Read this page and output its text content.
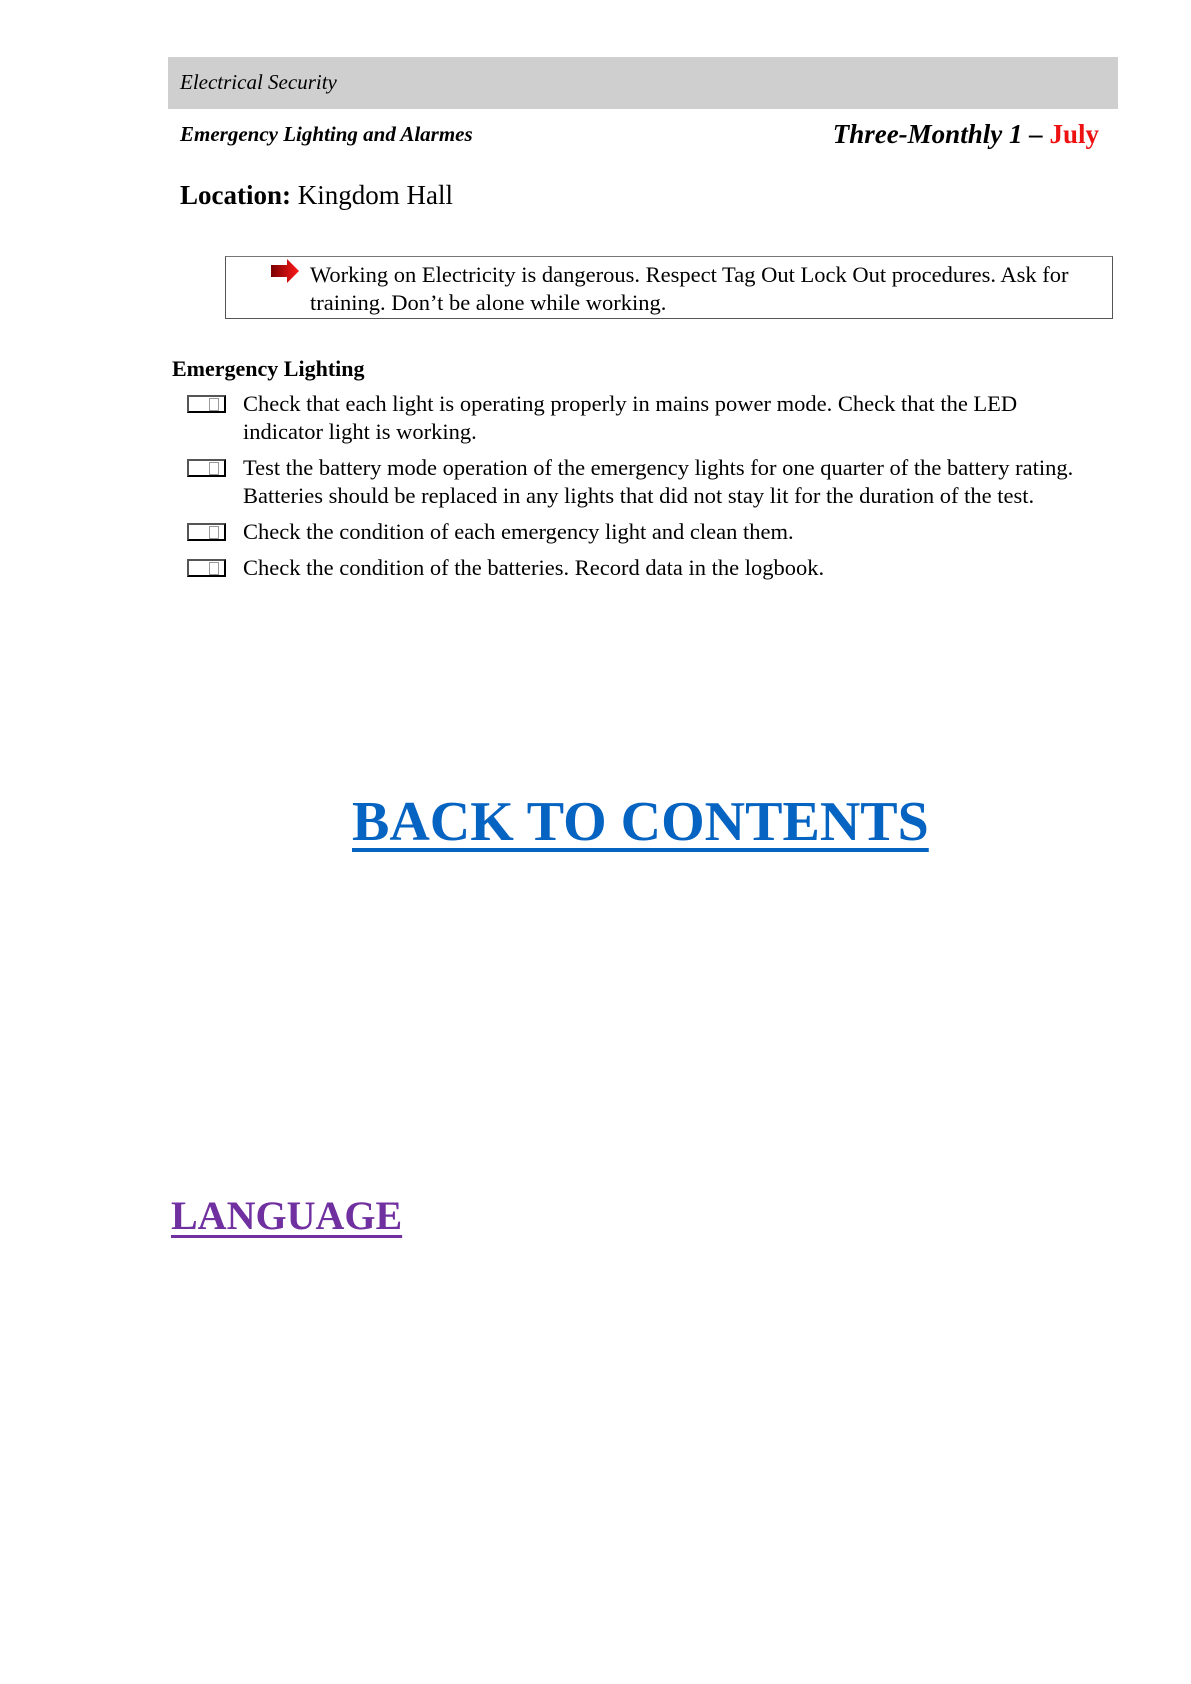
Electrical Security
Emergency Lighting and Alarmes	Three-Monthly 1 – July
Location: Kingdom Hall
Working on Electricity is dangerous. Respect Tag Out Lock Out procedures. Ask for training. Don’t be alone while working.
Emergency Lighting
Check that each light is operating properly in mains power mode. Check that the LED indicator light is working.
Test the battery mode operation of the emergency lights for one quarter of the battery rating. Batteries should be replaced in any lights that did not stay lit for the duration of the test.
Check the condition of each emergency light and clean them.
Check the condition of the batteries. Record data in the logbook.
BACK TO CONTENTS
LANGUAGE
